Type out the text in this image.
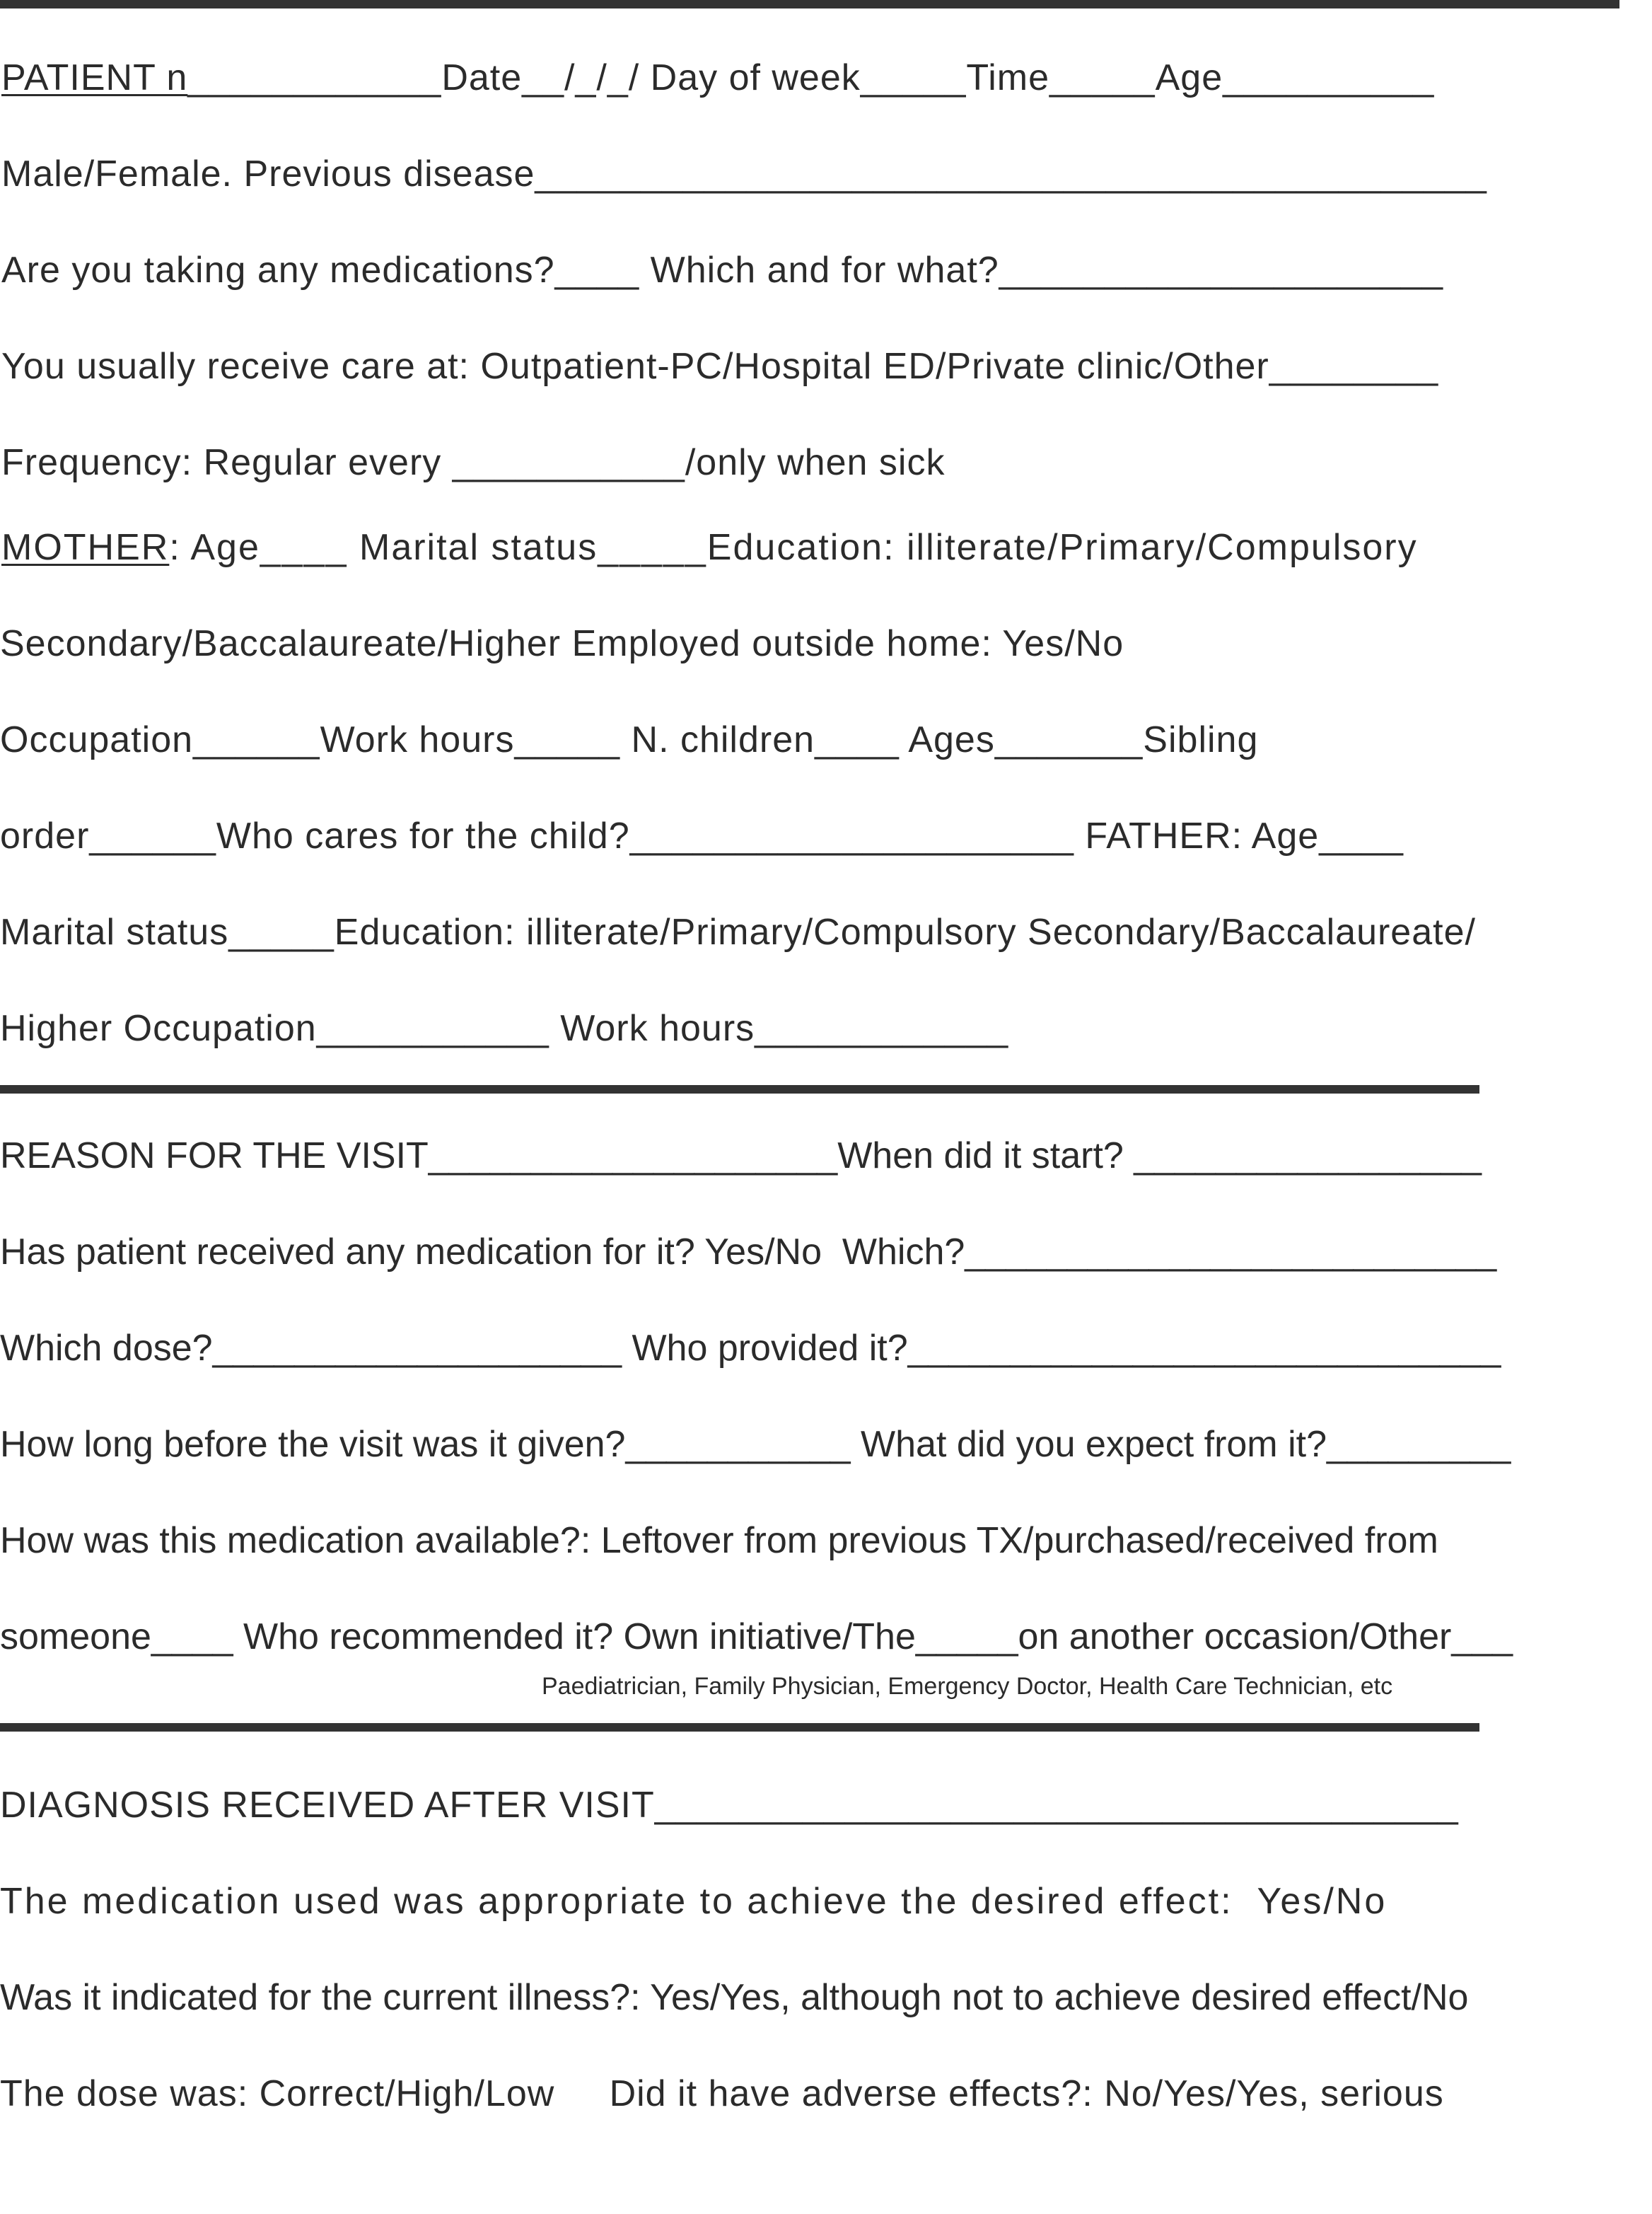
PATIENT n____________Date__/_/_/ Day of week_____Time_____Age__________
Male/Female. Previous disease_____________________________________________
Are you taking any medications?____ Which and for what?_____________________
You usually receive care at: Outpatient-PC/Hospital ED/Private clinic/Other________
Frequency: Regular every ___________/only when sick
MOTHER: Age____ Marital status_____Education: illiterate/Primary/Compulsory
Secondary/Baccalaureate/Higher Employed outside home: Yes/No
Occupation______Work hours_____ N. children____ Ages_______Sibling
order______Who cares for the child?_____________________ FATHER: Age____
Marital status_____Education: illiterate/Primary/Compulsory Secondary/Baccalaureate/
Higher Occupation___________ Work hours____________
REASON FOR THE VISIT____________________When did it start? _________________
Has patient received any medication for it? Yes/No  Which?__________________________
Which dose?____________________ Who provided it?_____________________________
How long before the visit was it given?___________ What did you expect from it?_________
How was this medication available?: Leftover from previous TX/purchased/received from
someone____ Who recommended it? Own initiative/The_____on another occasion/Other___
Paediatrician, Family Physician, Emergency Doctor, Health Care Technician, etc
DIAGNOSIS RECEIVED AFTER VISIT______________________________________
The medication used was appropriate to achieve the desired effect:  Yes/No
Was it indicated for the current illness?: Yes/Yes, although not to achieve desired effect/No
The dose was: Correct/High/Low     Did it have adverse effects?: No/Yes/Yes, serious
